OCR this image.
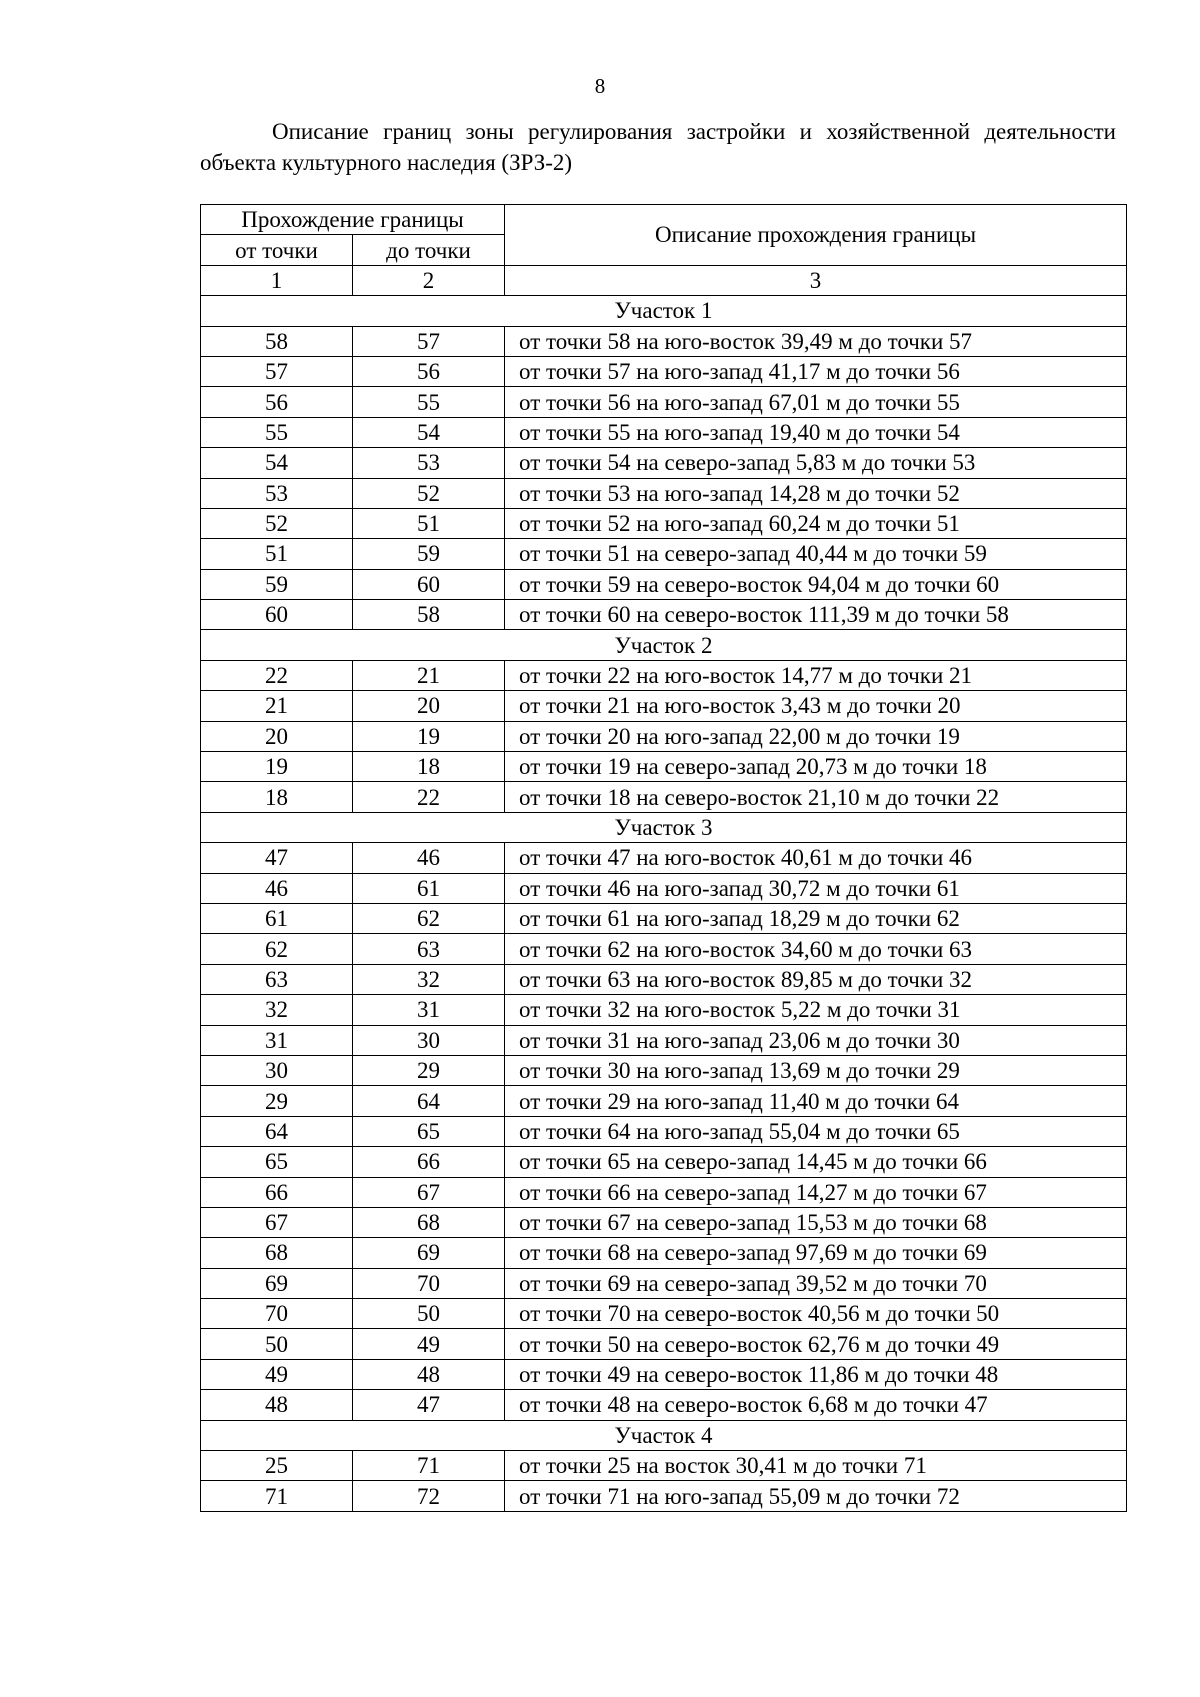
8
Описание границ зоны регулирования застройки и хозяйственной деятельности объекта культурного наследия (ЗРЗ-2)
Прохождение границы		Описание прохождения границы
от точки	до точки	
1	2	3
Участок 1		
58	57	от точки 58 на юго-восток 39,49 м до точки 57
57	56	от точки 57 на юго-запад 41,17 м до точки 56
56	55	от точки 56 на юго-запад 67,01 м до точки 55
55	54	от точки 55 на юго-запад 19,40 м до точки 54
54	53	от точки 54 на северо-запад 5,83 м до точки 53
53	52	от точки 53 на юго-запад 14,28 м до точки 52
52	51	от точки 52 на юго-запад 60,24 м до точки 51
51	59	от точки 51 на северо-запад 40,44 м до точки 59
59	60	от точки 59 на северо-восток 94,04 м до точки 60
60	58	от точки 60 на северо-восток 111,39 м до точки 58
Участок 2		
22	21	от точки 22 на юго-восток 14,77 м до точки 21
21	20	от точки 21 на юго-восток 3,43 м до точки 20
20	19	от точки 20 на юго-запад 22,00 м до точки 19
19	18	от точки 19 на северо-запад 20,73 м до точки 18
18	22	от точки 18 на северо-восток 21,10 м до точки 22
Участок 3		
47	46	от точки 47 на юго-восток 40,61 м до точки 46
46	61	от точки 46 на юго-запад 30,72 м до точки 61
61	62	от точки 61 на юго-запад 18,29 м до точки 62
62	63	от точки 62 на юго-восток 34,60 м до точки 63
63	32	от точки 63 на юго-восток 89,85 м до точки 32
32	31	от точки 32 на юго-восток 5,22 м до точки 31
31	30	от точки 31 на юго-запад 23,06 м до точки 30
30	29	от точки 30 на юго-запад 13,69 м до точки 29
29	64	от точки 29 на юго-запад 11,40 м до точки 64
64	65	от точки 64 на юго-запад 55,04 м до точки 65
65	66	от точки 65 на северо-запад 14,45 м до точки 66
66	67	от точки 66 на северо-запад 14,27 м до точки 67
67	68	от точки 67 на северо-запад 15,53 м до точки 68
68	69	от точки 68 на северо-запад 97,69 м до точки 69
69	70	от точки 69 на северо-запад 39,52 м до точки 70
70	50	от точки 70 на северо-восток 40,56 м до точки 50
50	49	от точки 50 на северо-восток 62,76 м до точки 49
49	48	от точки 49 на северо-восток 11,86 м до точки 48
48	47	от точки 48 на северо-восток 6,68 м до точки 47
Участок 4		
25	71	от точки 25 на восток 30,41 м до точки 71
71	72	от точки 71 на юго-запад 55,09 м до точки 72
